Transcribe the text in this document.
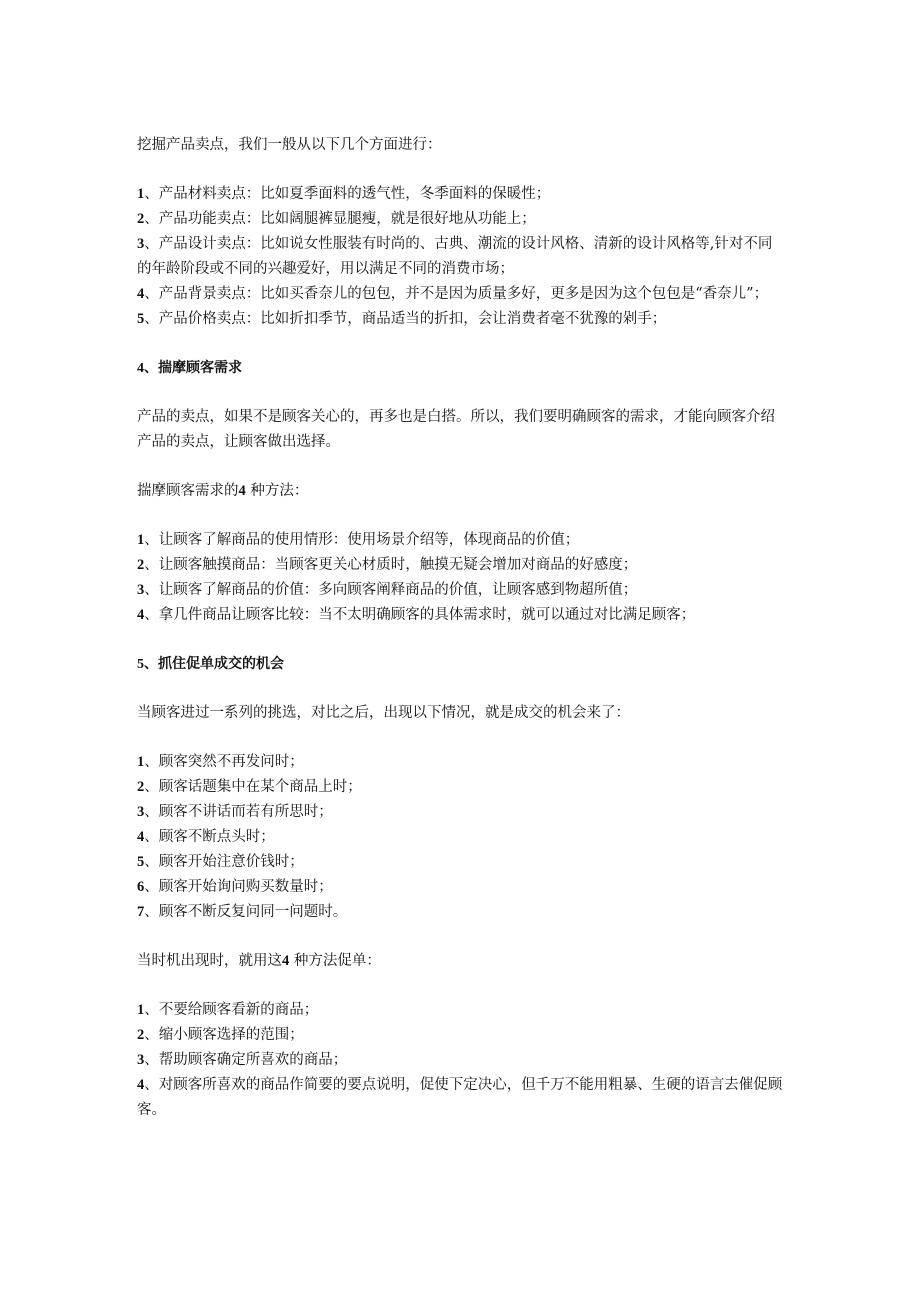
挖掘产品卖点，我们一般从以下几个方面进行：

1、产品材料卖点：比如夏季面料的透气性，冬季面料的保暖性；
2、产品功能卖点：比如阔腿裤显腿瘦，就是很好地从功能上；
3、产品设计卖点：比如说女性服装有时尚的、古典、潮流的设计风格、清新的设计风格等,针对不同的年龄阶段或不同的兴趣爱好，用以满足不同的消费市场；
4、产品背景卖点：比如买香奈儿的包包，并不是因为质量多好，更多是因为这个包包是“香奈儿”；
5、产品价格卖点：比如折扣季节，商品适当的折扣，会让消费者毫不犹豫的剁手；
4、揣摩顾客需求

产品的卖点，如果不是顾客关心的，再多也是白搭。所以，我们要明确顾客的需求，才能向顾客介绍产品的卖点，让顾客做出选择。

揣摩顾客需求的4 种方法：

1、让顾客了解商品的使用情形：使用场景介绍等，体现商品的价值；
2、让顾客触摸商品：当顾客更关心材质时，触摸无疑会增加对商品的好感度；
3、让顾客了解商品的价值：多向顾客阐释商品的价值，让顾客感到物超所值；
4、拿几件商品让顾客比较：当不太明确顾客的具体需求时，就可以通过对比满足顾客；
5、抓住促单成交的机会

当顾客进过一系列的挑选，对比之后，出现以下情况，就是成交的机会来了：

1、顾客突然不再发问时；
2、顾客话题集中在某个商品上时；
3、顾客不讲话而若有所思时；
4、顾客不断点头时；
5、顾客开始注意价钱时；
6、顾客开始询问购买数量时；
7、顾客不断反复问同一问题时。

当时机出现时，就用这4 种方法促单：

1、不要给顾客看新的商品；
2、缩小顾客选择的范围；
3、帮助顾客确定所喜欢的商品；
4、对顾客所喜欢的商品作简要的要点说明，促使下定决心，但千万不能用粗暴、生硬的语言去催促顾客。
